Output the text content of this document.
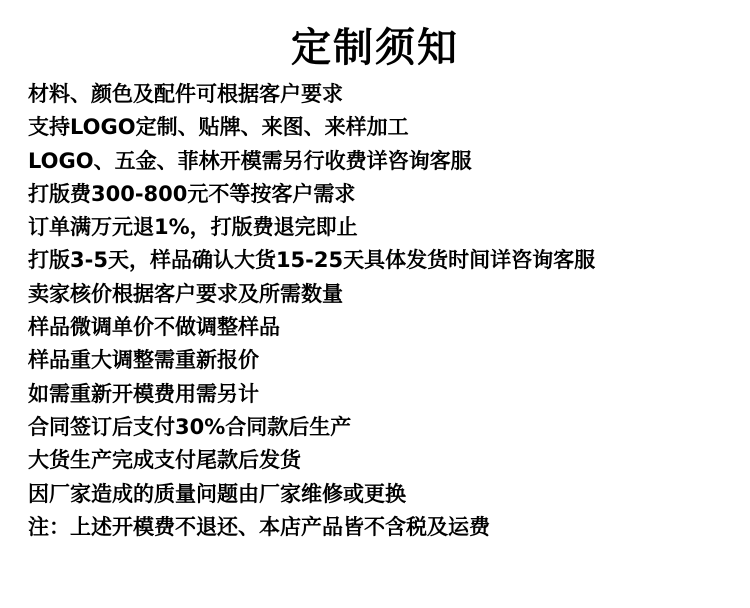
定制须知
材料、颜色及配件可根据客户要求
支持LOGO定制、贴牌、来图、来样加工
LOGO、五金、菲林开模需另行收费详咨询客服
打版费300-800元不等按客户需求
订单满万元退1%，打版费退完即止
打版3-5天，样品确认大货15-25天具体发货时间详咨询客服
卖家核价根据客户要求及所需数量
样品微调单价不做调整样品
样品重大调整需重新报价
如需重新开模费用需另计
合同签订后支付30%合同款后生产
大货生产完成支付尾款后发货
因厂家造成的质量问题由厂家维修或更换
注：上述开模费不退还、本店产品皆不含税及运费
